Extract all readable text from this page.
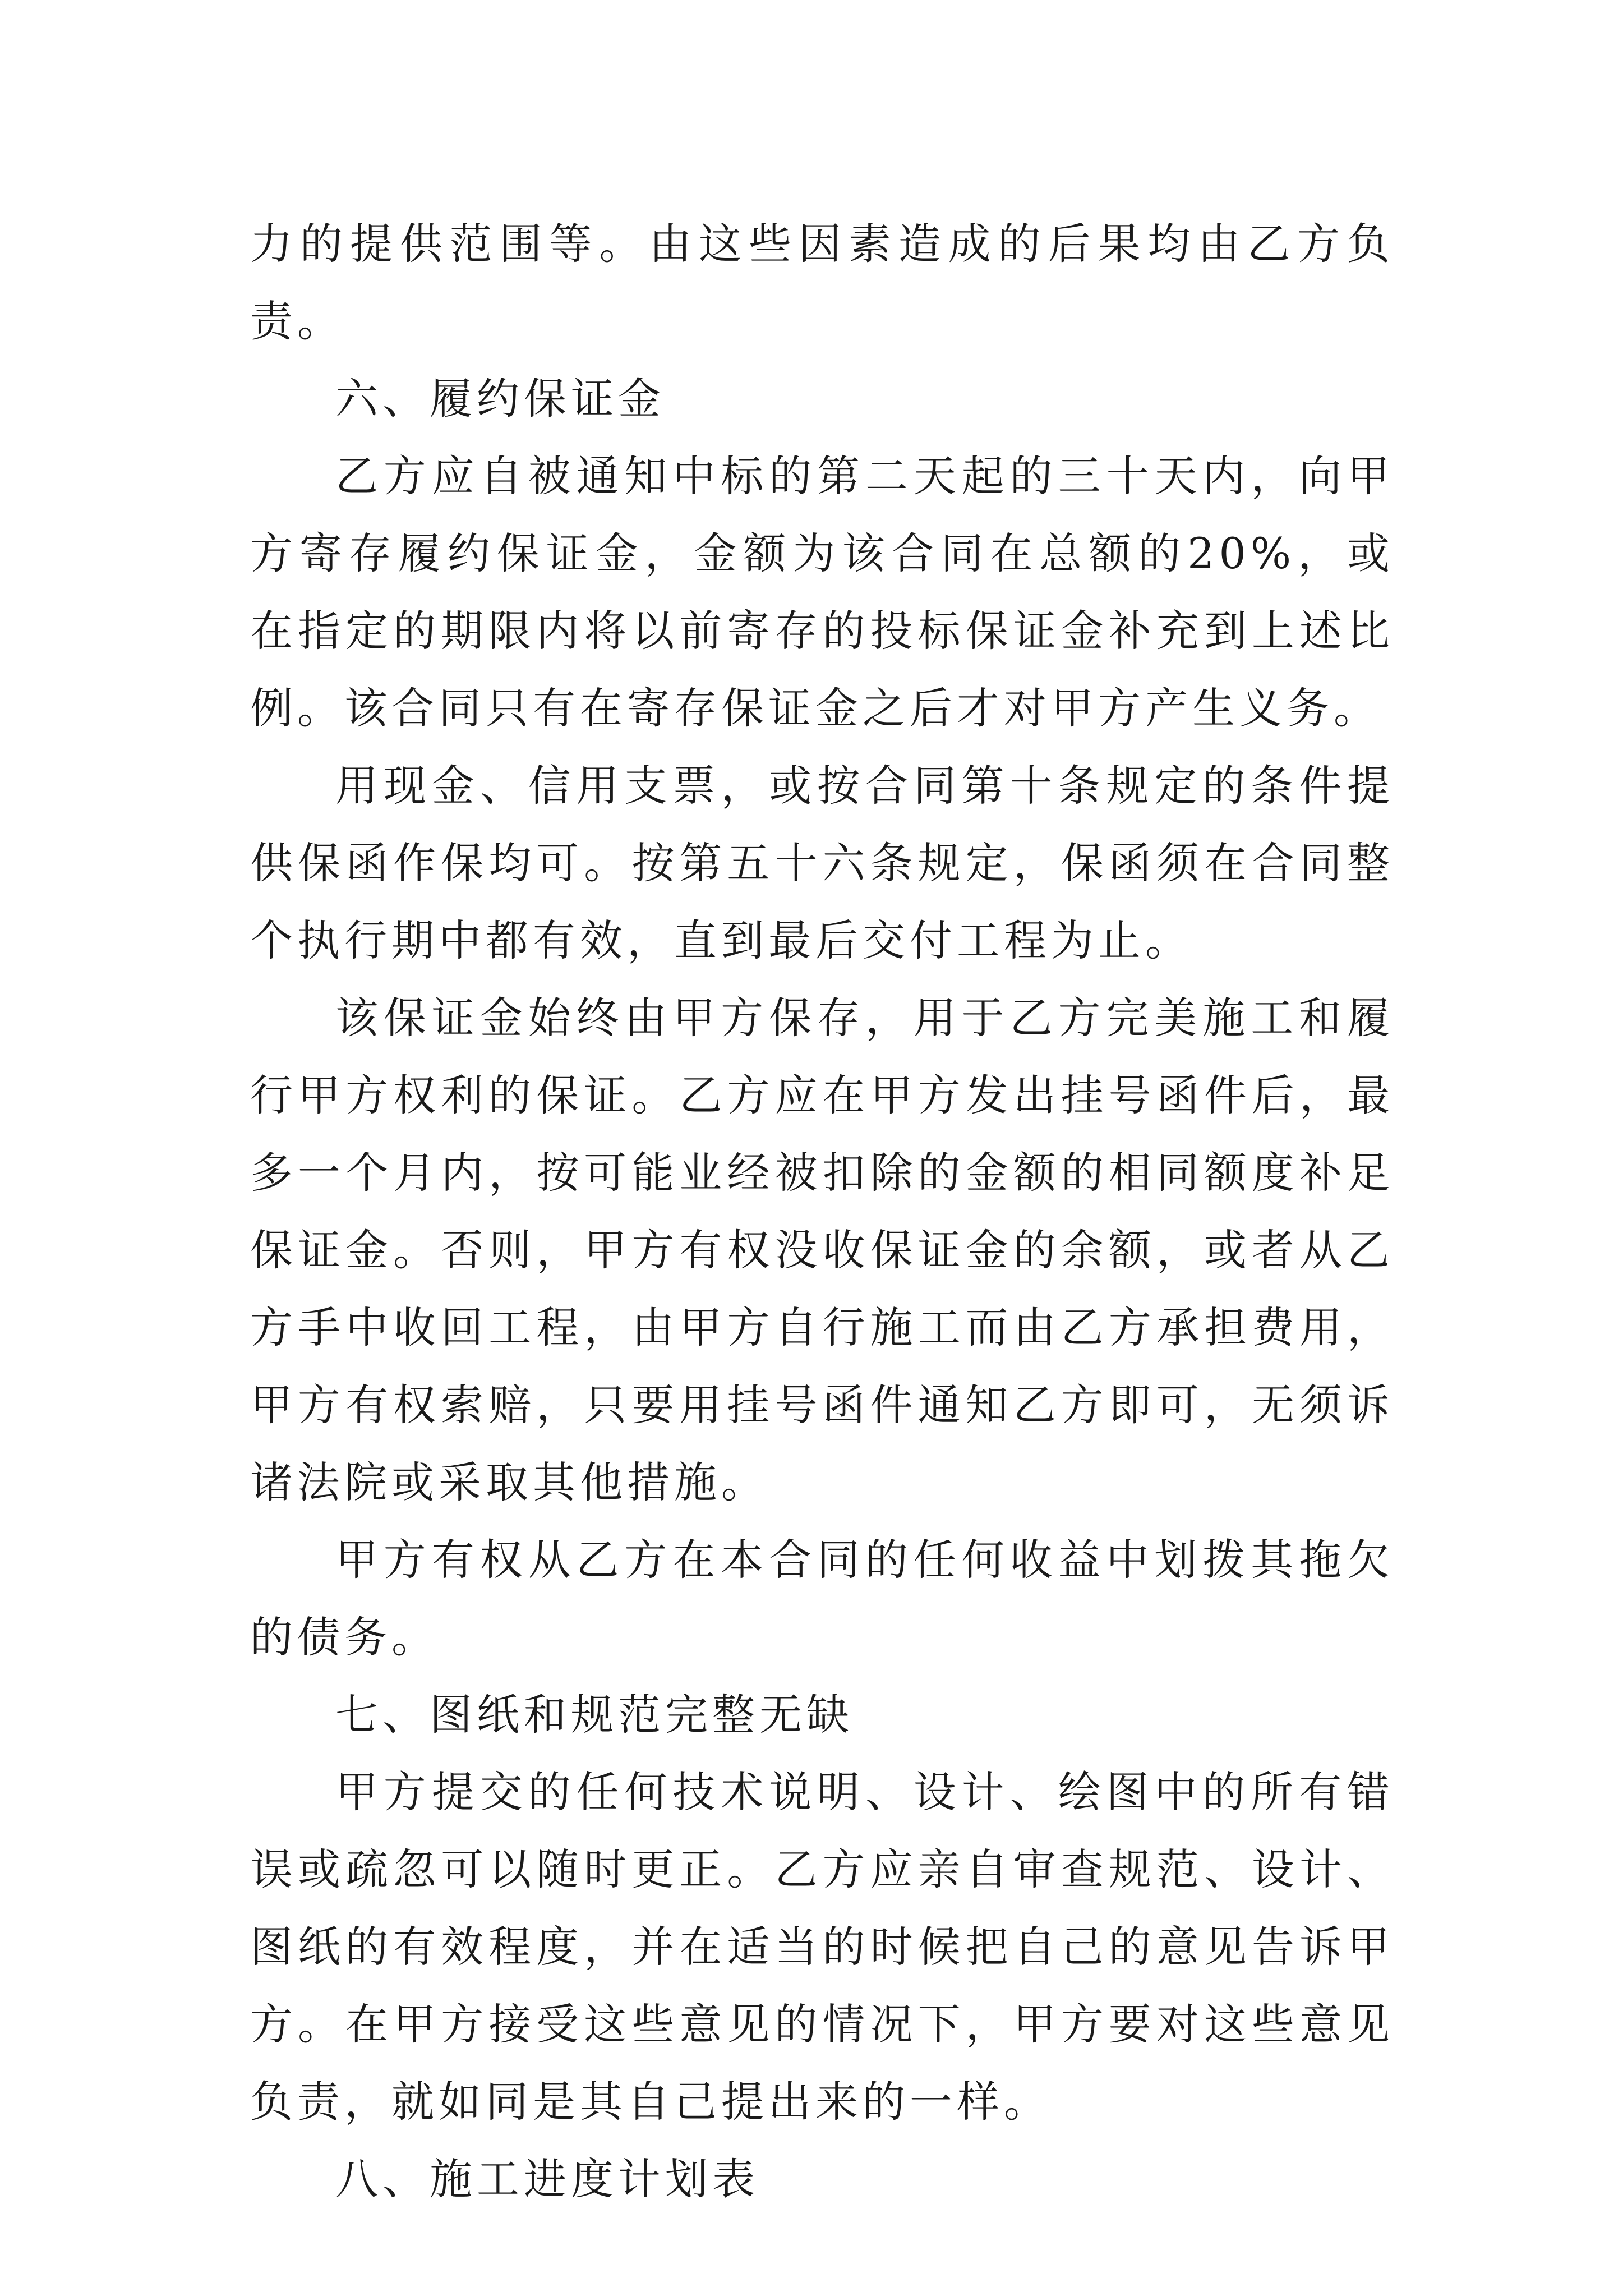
力的提供范围等。由这些因素造成的后果均由乙方负责。

六、履约保证金

乙方应自被通知中标的第二天起的三十天内，向甲方寄存履约保证金，金额为该合同在总额的20%，或在指定的期限内将以前寄存的投标保证金补充到上述比例。该合同只有在寄存保证金之后才对甲方产生义务。

用现金、信用支票，或按合同第十条规定的条件提供保函作保均可。按第五十六条规定，保函须在合同整个执行期中都有效，直到最后交付工程为止。

该保证金始终由甲方保存，用于乙方完美施工和履行甲方权利的保证。乙方应在甲方发出挂号函件后，最多一个月内，按可能业经被扣除的金额的相同额度补足保证金。否则，甲方有权没收保证金的余额，或者从乙方手中收回工程，由甲方自行施工而由乙方承担费用，甲方有权索赔，只要用挂号函件通知乙方即可，无须诉诸法院或采取其他措施。

甲方有权从乙方在本合同的任何收益中划拨其拖欠的债务。

七、图纸和规范完整无缺

甲方提交的任何技术说明、设计、绘图中的所有错误或疏忽可以随时更正。乙方应亲自审查规范、设计、图纸的有效程度，并在适当的时候把自己的意见告诉甲方。在甲方接受这些意见的情况下，甲方要对这些意见负责，就如同是其自己提出来的一样。

八、施工进度计划表
